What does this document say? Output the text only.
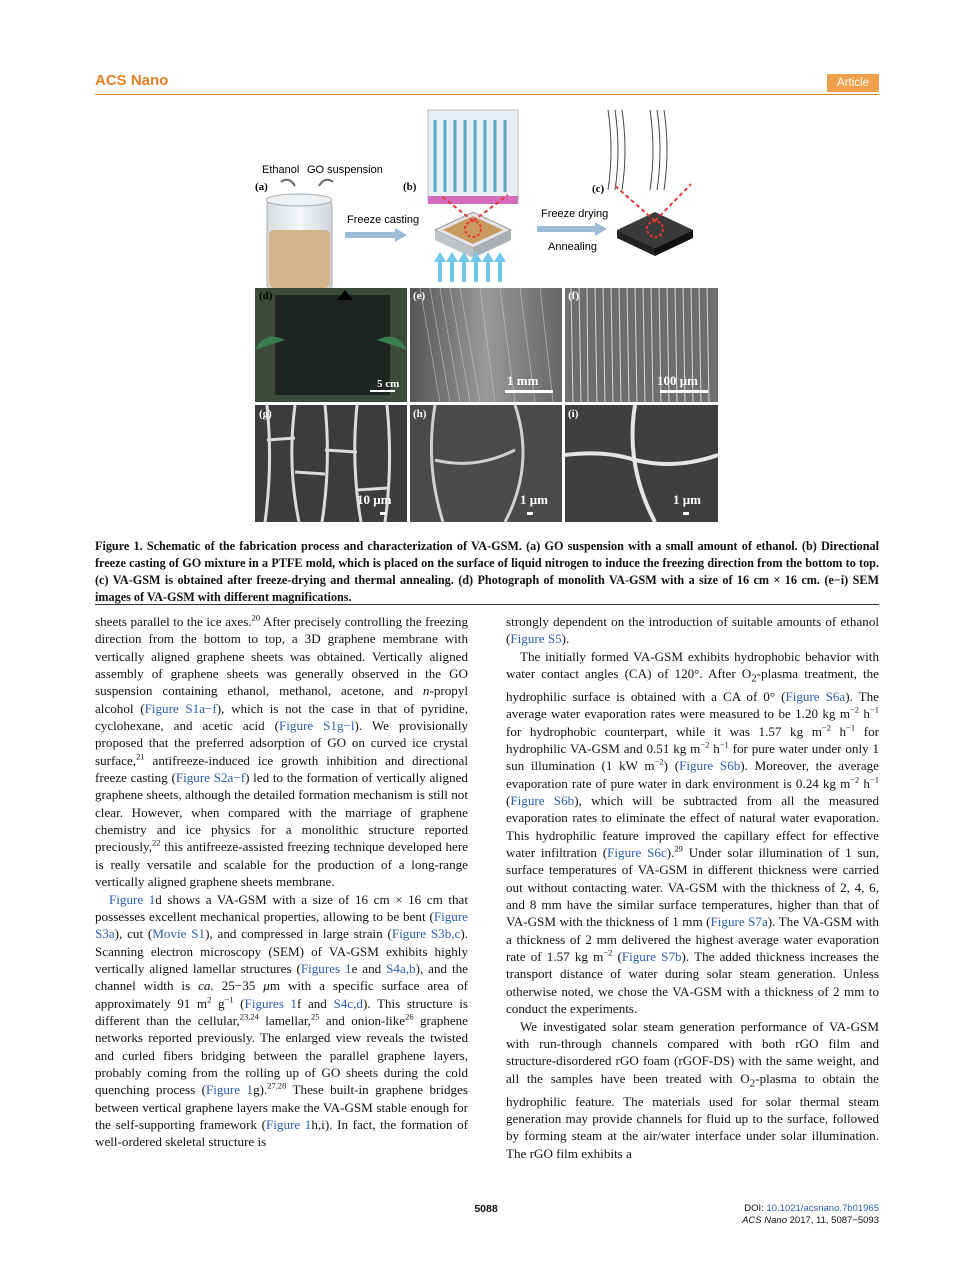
ACS Nano	Article
Ethanol GO suspension
(a)
Freeze casting
(b)
Freeze drying
Annealing
(c)
(d)
5 cm
(e)
1 mm
(f)
100 μm
(g)
10 μm
(h)
1 μm
(i)
1 μm
Figure 1. Schematic of the fabrication process and characterization of VA-GSM. (a) GO suspension with a small amount of ethanol. (b) Directional freeze casting of GO mixture in a PTFE mold, which is placed on the surface of liquid nitrogen to induce the freezing direction from the bottom to top. (c) VA-GSM is obtained after freeze-drying and thermal annealing. (d) Photograph of monolith VA-GSM with a size of 16 cm × 16 cm. (e−i) SEM images of VA-GSM with different magnifications.

sheets parallel to the ice axes.$^{20}$ After precisely controlling the freezing direction from the bottom to top, a 3D graphene membrane with vertically aligned graphene sheets was obtained. Vertically aligned assembly of graphene sheets was generally observed in the GO suspension containing ethanol, methanol, acetone, and n-propyl alcohol (Figure S1a−f), which is not the case in that of pyridine, cyclohexane, and acetic acid (Figure S1g−l). We provisionally proposed that the preferred adsorption of GO on curved ice crystal surface,$^{21}$ antifreeze-induced ice growth inhibition and directional freeze casting (Figure S2a−f) led to the formation of vertically aligned graphene sheets, although the detailed formation mechanism is still not clear. However, when compared with the marriage of graphene chemistry and ice physics for a monolithic structure reported preciously,$^{22}$ this antifreeze-assisted freezing technique developed here is really versatile and scalable for the production of a long-range vertically aligned graphene sheets membrane.

Figure 1d shows a VA-GSM with a size of 16 cm × 16 cm that possesses excellent mechanical properties, allowing to be bent (Figure S3a), cut (Movie S1), and compressed in large strain (Figure S3b,c). Scanning electron microscopy (SEM) of VA-GSM exhibits highly vertically aligned lamellar structures (Figures 1e and S4a,b), and the channel width is ca. 25−35 μm with a specific surface area of approximately 91 $m^2$ $g^{-1}$ (Figures 1f and S4c,d). This structure is different than the cellular,$^{23,24}$ lamellar,$^{25}$ and onion-like$^{26}$ graphene networks reported previously. The enlarged view reveals the twisted and curled fibers bridging between the parallel graphene layers, probably coming from the rolling up of GO sheets during the cold quenching process (Figure 1g).$^{27,28}$ These built-in graphene bridges between vertical graphene layers make the VA-GSM stable enough for the self-supporting framework (Figure 1h,i). In fact, the formation of well-ordered skeletal structure is

strongly dependent on the introduction of suitable amounts of ethanol (Figure S5).

The initially formed VA-GSM exhibits hydrophobic behavior with water contact angles (CA) of 120°. After $O_2$-plasma treatment, the hydrophilic surface is obtained with a CA of 0° (Figure S6a). The average water evaporation rates were measured to be 1.20 kg $m^{-2}$ $h^{-1}$ for hydrophobic counterpart, while it was 1.57 kg $m^{-2}$ $h^{-1}$ for hydrophilic VA-GSM and 0.51 kg $m^{-2}$ $h^{-1}$ for pure water under only 1 sun illumination (1 kW $m^{-2}$) (Figure S6b). Moreover, the average evaporation rate of pure water in dark environment is 0.24 kg $m^{-2}$ $h^{-1}$ (Figure S6b), which will be subtracted from all the measured evaporation rates to eliminate the effect of natural water evaporation. This hydrophilic feature improved the capillary effect for effective water infiltration (Figure S6c).$^{29}$ Under solar illumination of 1 sun, surface temperatures of VA-GSM in different thickness were carried out without contacting water. VA-GSM with the thickness of 2, 4, 6, and 8 mm have the similar surface temperatures, higher than that of VA-GSM with the thickness of 1 mm (Figure S7a). The VA-GSM with a thickness of 2 mm delivered the highest average water evaporation rate of 1.57 kg $m^{-2}$ (Figure S7b). The added thickness increases the transport distance of water during solar steam generation. Unless otherwise noted, we chose the VA-GSM with a thickness of 2 mm to conduct the experiments.

We investigated solar steam generation performance of VA-GSM with run-through channels compared with both rGO film and structure-disordered rGO foam (rGOF-DS) with the same weight, and all the samples have been treated with $O_2$-plasma to obtain the hydrophilic feature. The materials used for solar thermal steam generation may provide channels for fluid up to the surface, followed by forming steam at the air/water interface under solar illumination. The rGO film exhibits a

5088	DOI: 10.1021/acsnano.7b01965
ACS Nano 2017, 11, 5087−5093
